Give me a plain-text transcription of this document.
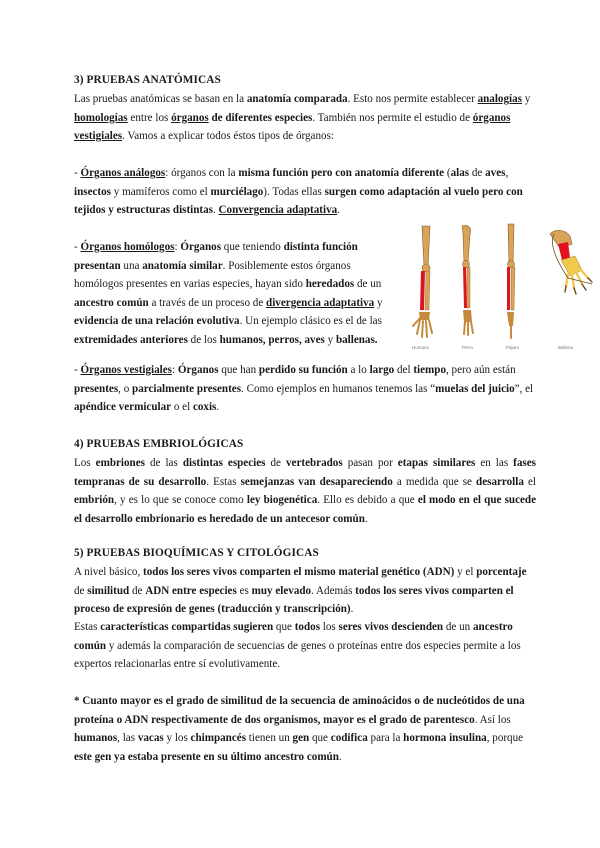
3) PRUEBAS ANATÓMICAS
Las pruebas anatómicas se basan en la anatomía comparada. Esto nos permite establecer analogías y homologías entre los órganos de diferentes especies. También nos permite el estudio de órganos vestigiales. Vamos a explicar todos éstos tipos de órganos:
- Órganos análogos: órganos con la misma función pero con anatomía diferente (alas de aves, insectos y mamíferos como el murciélago). Todas ellas surgen como adaptación al vuelo pero con tejidos y estructuras distintas. Convergencia adaptativa.
- Órganos homólogos: Órganos que teniendo distinta función presentan una anatomía similar. Posiblemente estos órganos homólogos presentes en varias especies, hayan sido heredados de un ancestro común a través de un proceso de divergencia adaptativa y evidencia de una relación evolutiva. Un ejemplo clásico es el de las extremidades anteriores de los humanos, perros, aves y ballenas.
Humano	Perro	Pájaro	Ballena
- Órganos vestigiales: Órganos que han perdido su función a lo largo del tiempo, pero aún están presentes, o parcialmente presentes. Como ejemplos en humanos tenemos las “muelas del juicio”, el apéndice vermicular o el coxis.
4) PRUEBAS EMBRIOLÓGICAS
Los embriones de las distintas especies de vertebrados pasan por etapas similares en las fases tempranas de su desarrollo. Estas semejanzas van desapareciendo a medida que se desarrolla el embrión, y es lo que se conoce como ley biogenética. Ello es debido a que el modo en el que sucede el desarrollo embrionario es heredado de un antecesor común.
5) PRUEBAS BIOQUÍMICAS Y CITOLÓGICAS
A nivel básico, todos los seres vivos comparten el mismo material genético (ADN) y el porcentaje de similitud de ADN entre especies es muy elevado. Además todos los seres vivos comparten el proceso de expresión de genes (traducción y transcripción).
Estas características compartidas sugieren que todos los seres vivos descienden de un ancestro común y además la comparación de secuencias de genes o proteínas entre dos especies permite a los expertos relacionarlas entre sí evolutivamente.
* Cuanto mayor es el grado de similitud de la secuencia de aminoácidos o de nucleótidos de una proteína o ADN respectivamente de dos organismos, mayor es el grado de parentesco. Así los humanos, las vacas y los chimpancés tienen un gen que codifica para la hormona insulina, porque este gen ya estaba presente en su último ancestro común.
